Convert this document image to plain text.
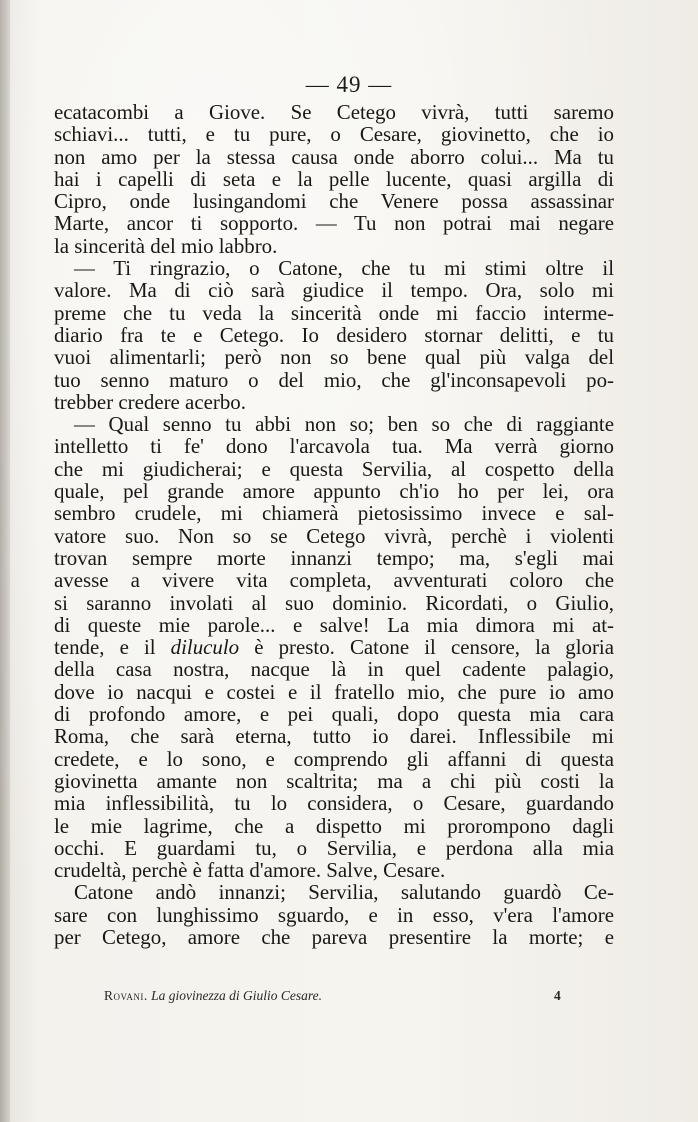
— 49 —
ecatacombi a Giove. Se Cetego vivrà, tutti saremo
schiavi... tutti, e tu pure, o Cesare, giovinetto, che io
non amo per la stessa causa onde aborro colui... Ma tu
hai i capelli di seta e la pelle lucente, quasi argilla di
Cipro, onde lusingandomi che Venere possa assassinar
Marte, ancor ti sopporto. — Tu non potrai mai negare
la sincerità del mio labbro.
— Ti ringrazio, o Catone, che tu mi stimi oltre il
valore. Ma di ciò sarà giudice il tempo. Ora, solo mi
preme che tu veda la sincerità onde mi faccio interme-
diario fra te e Cetego. Io desidero stornar delitti, e tu
vuoi alimentarli; però non so bene qual più valga del
tuo senno maturo o del mio, che gl'inconsapevoli po-
trebber credere acerbo.
— Qual senno tu abbi non so; ben so che di raggiante
intelletto ti fe' dono l'arcavola tua. Ma verrà giorno
che mi giudicherai; e questa Servilia, al cospetto della
quale, pel grande amore appunto ch'io ho per lei, ora
sembro crudele, mi chiamerà pietosissimo invece e sal-
vatore suo. Non so se Cetego vivrà, perchè i violenti
trovan sempre morte innanzi tempo; ma, s'egli mai
avesse a vivere vita completa, avventurati coloro che
si saranno involati al suo dominio. Ricordati, o Giulio,
di queste mie parole... e salve! La mia dimora mi at-
tende, e il diluculo è presto. Catone il censore, la gloria
della casa nostra, nacque là in quel cadente palagio,
dove io nacqui e costei e il fratello mio, che pure io amo
di profondo amore, e pei quali, dopo questa mia cara
Roma, che sarà eterna, tutto io darei. Inflessibile mi
credete, e lo sono, e comprendo gli affanni di questa
giovinetta amante non scaltrita; ma a chi più costi la
mia inflessibilità, tu lo considera, o Cesare, guardando
le mie lagrime, che a dispetto mi prorompono dagli
occhi. E guardami tu, o Servilia, e perdona alla mia
crudeltà, perchè è fatta d'amore. Salve, Cesare.
Catone andò innanzi; Servilia, salutando guardò Ce-
sare con lunghissimo sguardo, e in esso, v'era l'amore
per Cetego, amore che pareva presentire la morte; e
Rovani. La giovinezza di Giulio Cesare.	4
